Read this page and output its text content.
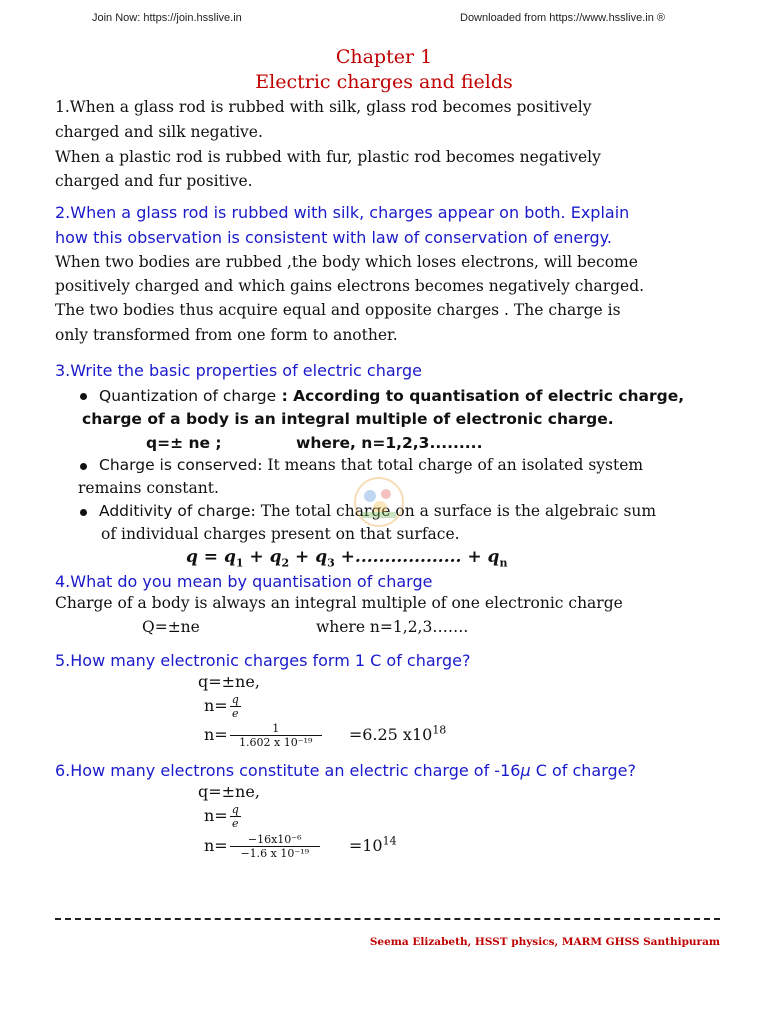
Join Now: https://join.hsslive.in	Downloaded from https://www.hsslive.in ®
Chapter 1
Electric charges and fields
1.When a glass rod is rubbed with silk, glass rod becomes positively
charged and silk negative.
When a plastic rod is rubbed with fur, plastic rod becomes negatively
charged and fur positive.
2.When a glass rod is rubbed with silk, charges appear on both. Explain
how this observation is consistent with law of conservation of energy.
When two bodies are rubbed ,the body which loses electrons, will become
positively charged and which gains electrons becomes negatively charged.
The two bodies thus acquire equal and opposite charges . The charge is
only transformed from one form to another.
3.Write the basic properties of electric charge
Quantization of charge : According to quantisation of electric charge,
charge of a body is an integral multiple of electronic charge.
q=± ne ;	where, n=1,2,3.........
Charge is conserved: It means that total charge of an isolated system
remains constant.
Additivity of charge: The total charge on a surface is the algebraic sum
of individual charges present on that surface.
$q = q_1 + q_2 + q_3$ +.................. + $q_n$
4.What do you mean by quantisation of charge
Charge of a body is always an integral multiple of one electronic charge
Q=±ne	where n=1,2,3…….
5.How many electronic charges form 1 C of charge?
q=±ne,
$n= \frac{q}{e}$
$n= \frac{1}{\text{1.602 x 10⁻¹⁹}} =6.25$ $x10^{18}$
6.How many electrons constitute an electric charge of -16μ C of charge?
q=±ne,
$n= \frac{q}{e}$
$n= \frac{\text{−16x10⁻⁶}}{\text{−1.6 x 10⁻¹⁹}} =10^{14}$
Seema Elizabeth, HSST physics, MARM GHSS Santhipuram
